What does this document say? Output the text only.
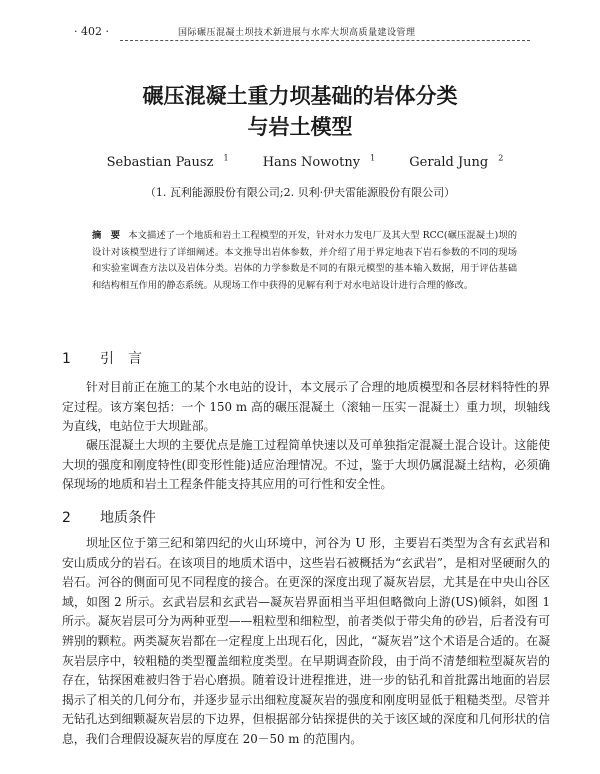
· 402 ·	国际碾压混凝土坝技术新进展与水库大坝高质量建设管理
碾压混凝土重力坝基础的岩体分类
与岩土模型
Sebastian Pausz $^1$	Hans Nowotny $^1$	Gerald Jung $^2$
（1. 瓦利能源股份有限公司;2. 贝利·伊夫雷能源股份有限公司）
摘　要 本文描述了一个地质和岩土工程模型的开发，针对水力发电厂及其大型 RCC(碾压混凝土)坝的设计对该模型进行了详细阐述。本文推导出岩体参数，并介绍了用于界定地表下岩石参数的不同的现场和实验室调查方法以及岩体分类。岩体的力学参数是不同的有限元模型的基本输入数据，用于评估基础和结构相互作用的静态系统。从现场工作中获得的见解有利于对水电站设计进行合理的修改。
1 引　言

针对目前正在施工的某个水电站的设计，本文展示了合理的地质模型和各层材料特性的界定过程。该方案包括：一个 150 m 高的碾压混凝土（滚轴－压实－混凝土）重力坝，坝轴线为直线，电站位于大坝趾部。

碾压混凝土大坝的主要优点是施工过程简单快速以及可单独指定混凝土混合设计。这能使大坝的强度和刚度特性(即变形性能)适应治理情况。不过，鉴于大坝仍属混凝土结构，必须确保现场的地质和岩土工程条件能支持其应用的可行性和安全性。

2 地质条件

坝址区位于第三纪和第四纪的火山环境中，河谷为 U 形，主要岩石类型为含有玄武岩和安山质成分的岩石。在该项目的地质术语中，这些岩石被概括为“玄武岩”，是相对坚硬耐久的岩石。河谷的侧面可见不同程度的接合。在更深的深度出现了凝灰岩层，尤其是在中央山谷区域，如图 2 所示。玄武岩层和玄武岩—凝灰岩界面相当平坦但略微向上游(US)倾斜，如图 1 所示。凝灰岩层可分为两种亚型——粗粒型和细粒型，前者类似于带尖角的砂岩，后者没有可辨别的颗粒。两类凝灰岩都在一定程度上出现石化，因此，“凝灰岩”这个术语是合适的。在凝灰岩层序中，较粗糙的类型覆盖细粒度类型。在早期调查阶段，由于尚不清楚细粒型凝灰岩的存在，钻探困难被归咎于岩心磨损。随着设计进程推进，进一步的钻孔和首批露出地面的岩层揭示了相关的几何分布，并逐步显示出细粒度凝灰岩的强度和刚度明显低于粗糙类型。尽管并无钻孔达到细颗凝灰岩层的下边界，但根据部分钻探提供的关于该区域的深度和几何形状的信息，我们合理假设凝灰岩的厚度在 20－50 m 的范围内。
